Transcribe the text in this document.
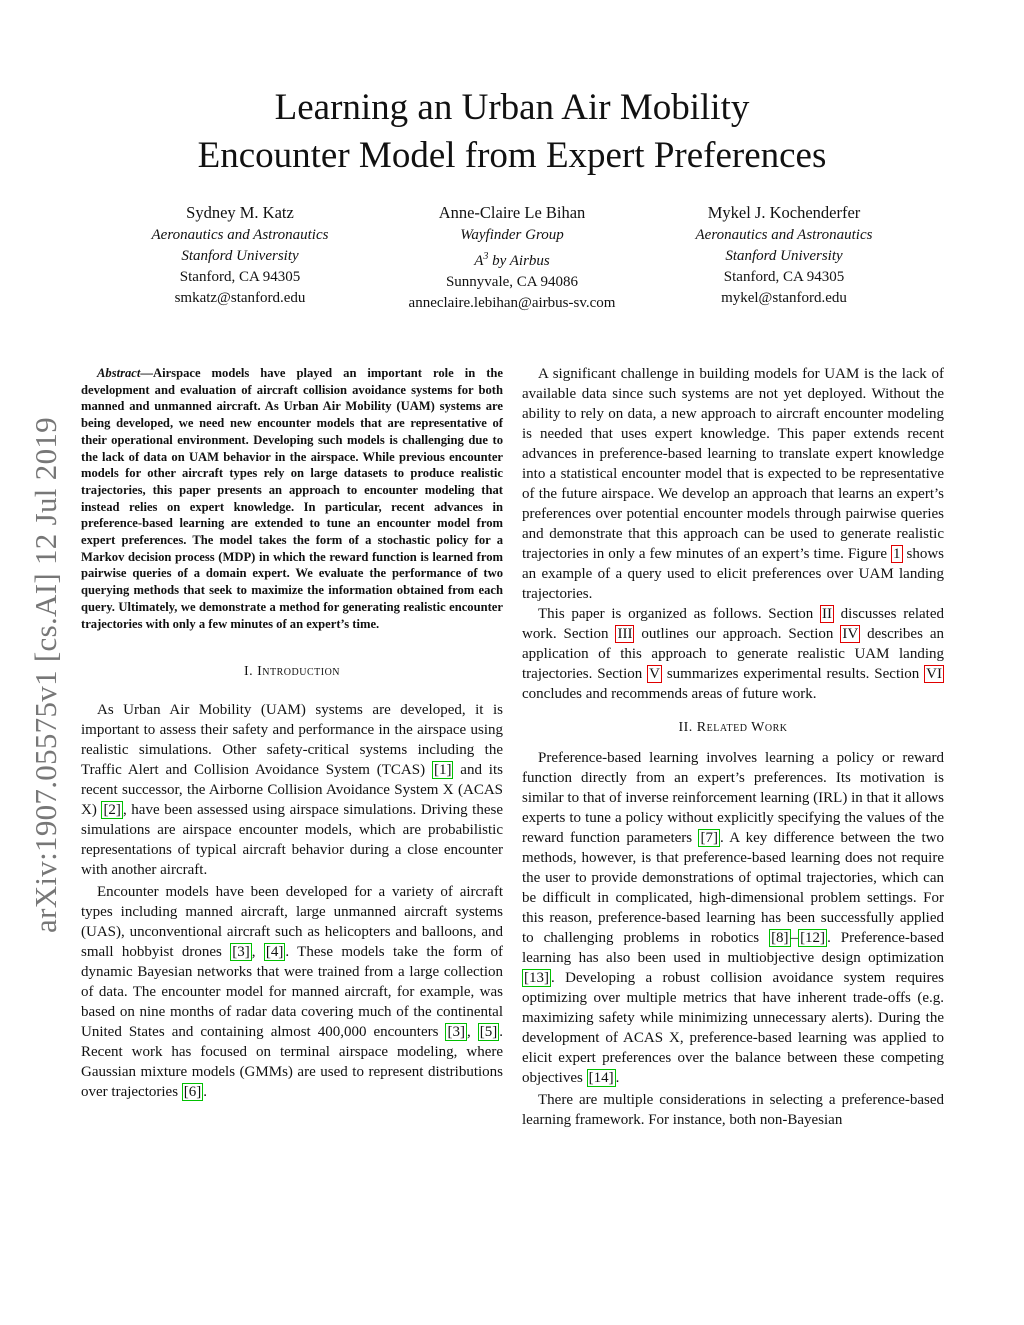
arXiv:1907.05575v1 [cs.AI] 12 Jul 2019
Learning an Urban Air Mobility
Encounter Model from Expert Preferences
Sydney M. Katz
Aeronautics and Astronautics
Stanford University
Stanford, CA 94305
smkatz@stanford.edu
Anne-Claire Le Bihan
Wayfinder Group
$A^3$ by Airbus
Sunnyvale, CA 94086
anneclaire.lebihan@airbus-sv.com
Mykel J. Kochenderfer
Aeronautics and Astronautics
Stanford University
Stanford, CA 94305
mykel@stanford.edu

Abstract—Airspace models have played an important role in the development and evaluation of aircraft collision avoidance systems for both manned and unmanned aircraft. As Urban Air Mobility (UAM) systems are being developed, we need new encounter models that are representative of their operational environment. Developing such models is challenging due to the lack of data on UAM behavior in the airspace. While previous encounter models for other aircraft types rely on large datasets to produce realistic trajectories, this paper presents an approach to encounter modeling that instead relies on expert knowledge. In particular, recent advances in preference-based learning are extended to tune an encounter model from expert preferences. The model takes the form of a stochastic policy for a Markov decision process (MDP) in which the reward function is learned from pairwise queries of a domain expert. We evaluate the performance of two querying methods that seek to maximize the information obtained from each query. Ultimately, we demonstrate a method for generating realistic encounter trajectories with only a few minutes of an expert’s time.

I. Introduction

As Urban Air Mobility (UAM) systems are developed, it is important to assess their safety and performance in the airspace using realistic simulations. Other safety-critical systems including the Traffic Alert and Collision Avoidance System (TCAS) [1] and its recent successor, the Airborne Collision Avoidance System X (ACAS X) [2] , have been assessed using airspace simulations. Driving these simulations are airspace encounter models, which are probabilistic representations of typical aircraft behavior during a close encounter with another aircraft.

Encounter models have been developed for a variety of aircraft types including manned aircraft, large unmanned aircraft systems (UAS), unconventional aircraft such as helicopters and balloons, and small hobbyist drones [3] , [4] . These models take the form of dynamic Bayesian networks that were trained from a large collection of data. The encounter model for manned aircraft, for example, was based on nine months of radar data covering much of the continental United States and containing almost 400,000 encounters [3] , [5] . Recent work has focused on terminal airspace modeling, where Gaussian mixture models (GMMs) are used to represent distributions over trajectories [6] .

A significant challenge in building models for UAM is the lack of available data since such systems are not yet deployed. Without the ability to rely on data, a new approach to aircraft encounter modeling is needed that uses expert knowledge. This paper extends recent advances in preference-based learning to translate expert knowledge into a statistical encounter model that is expected to be representative of the future airspace. We develop an approach that learns an expert’s preferences over potential encounter models through pairwise queries and demonstrate that this approach can be used to generate realistic trajectories in only a few minutes of an expert’s time. Figure 1 shows an example of a query used to elicit preferences over UAM landing trajectories.

This paper is organized as follows. Section II discusses related work. Section III outlines our approach. Section IV describes an application of this approach to generate realistic UAM landing trajectories. Section V summarizes experimental results. Section VI concludes and recommends areas of future work.

II. Related Work

Preference-based learning involves learning a policy or reward function directly from an expert’s preferences. Its motivation is similar to that of inverse reinforcement learning (IRL) in that it allows experts to tune a policy without explicitly specifying the values of the reward function parameters [7] . A key difference between the two methods, however, is that preference-based learning does not require the user to provide demonstrations of optimal trajectories, which can be difficult in complicated, high-dimensional problem settings. For this reason, preference-based learning has been successfully applied to challenging problems in robotics [8] – [12] . Preference-based learning has also been used in multiobjective design optimization [13] . Developing a robust collision avoidance system requires optimizing over multiple metrics that have inherent trade-offs (e.g. maximizing safety while minimizing unnecessary alerts). During the development of ACAS X, preference-based learning was applied to elicit expert preferences over the balance between these competing objectives [14] .

There are multiple considerations in selecting a preference-based learning framework. For instance, both non-Bayesian
